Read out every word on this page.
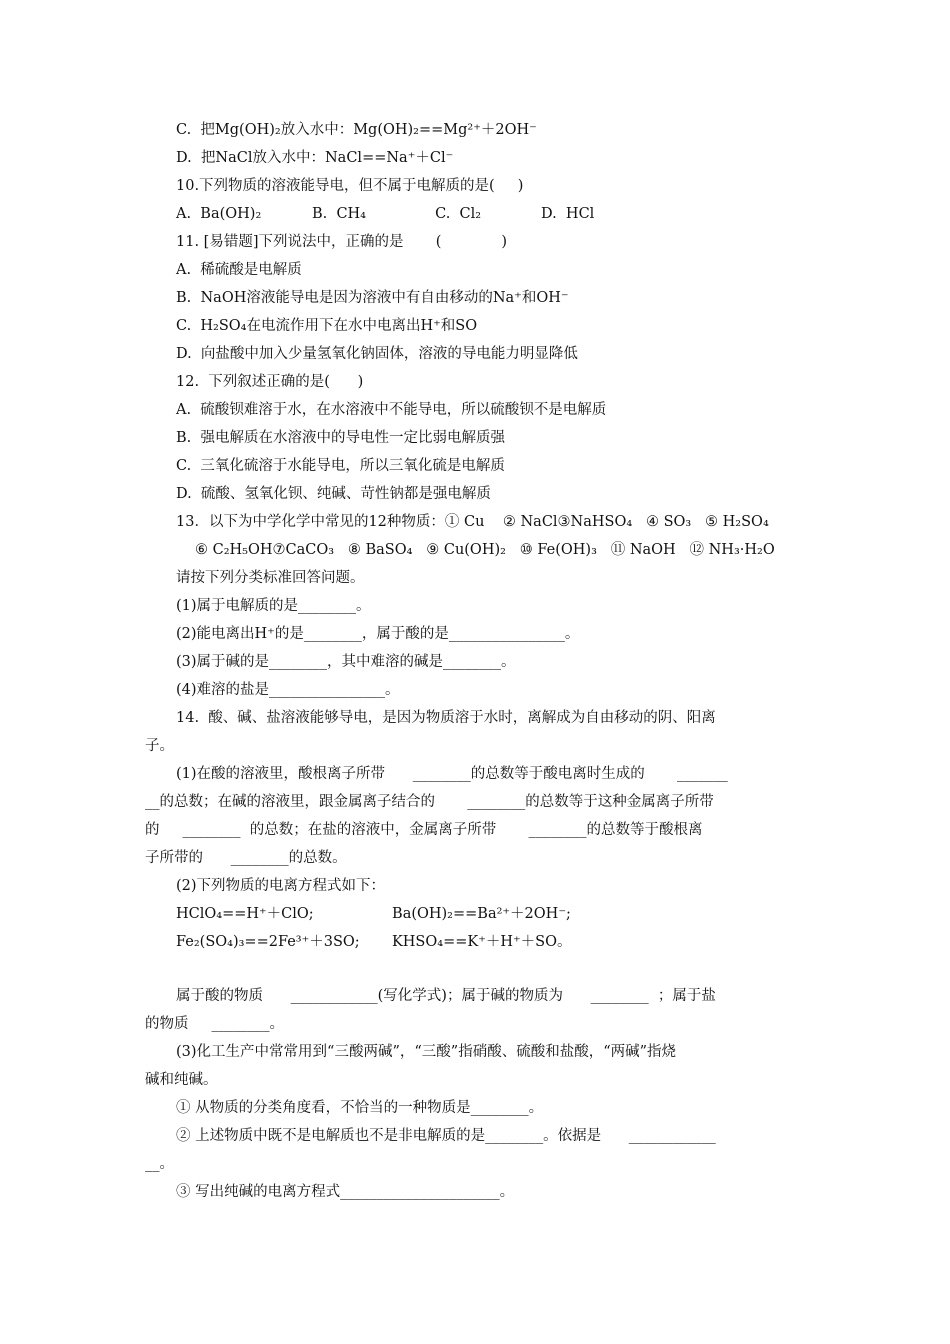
C.  把Mg(OH)₂放入水中：Mg(OH)₂==Mg²⁺＋2OH⁻
D.  把NaCl放入水中：NaCl==Na⁺＋Cl⁻
10.下列物质的溶液能导电，但不属于电解质的是(     )
A.  Ba(OH)₂           B.  CH₄               C.  Cl₂             D.  HCl
11. [易错题]下列说法中，正确的是       (             )
A.  稀硫酸是电解质
B.  NaOH溶液能导电是因为溶液中有自由移动的Na⁺和OH⁻
C.  H₂SO₄在电流作用下在水中电离出H⁺和SO
D.  向盐酸中加入少量氢氧化钠固体，溶液的导电能力明显降低
12.  下列叙述正确的是(      )
A.  硫酸钡难溶于水，在水溶液中不能导电，所以硫酸钡不是电解质
B.  强电解质在水溶液中的导电性一定比弱电解质强
C.  三氧化硫溶于水能导电，所以三氧化硫是电解质
D.  硫酸、氢氧化钡、纯碱、苛性钠都是强电解质
13．以下为中学化学中常见的12种物质：① Cu    ② NaCl③NaHSO₄   ④ SO₃   ⑤ H₂SO₄
⑥ C₂H₅OH⑦CaCO₃   ⑧ BaSO₄   ⑨ Cu(OH)₂   ⑩ Fe(OH)₃   ⑪ NaOH   ⑫ NH₃·H₂O
请按下列分类标准回答问题。
(1)属于电解质的是________。
(2)能电离出H⁺的是________，属于酸的是________________。
(3)属于碱的是________，其中难溶的碱是________。
(4)难溶的盐是________________。
14.  酸、碱、盐溶液能够导电，是因为物质溶于水时，离解成为自由移动的阴、阳离
子。
(1)在酸的溶液里，酸根离子所带      ________的总数等于酸电离时生成的       _______
__的总数；在碱的溶液里，跟金属离子结合的       ________的总数等于这种金属离子所带
的     ________  的总数；在盐的溶液中，金属离子所带       ________的总数等于酸根离
子所带的      ________的总数。
(2)下列物质的电离方程式如下：
HClO₄==H⁺＋ClO;                 Ba(OH)₂==Ba²⁺＋2OH⁻;
Fe₂(SO₄)₃==2Fe³⁺＋3SO;       KHSO₄==K⁺＋H⁺＋SO。
属于酸的物质      ____________(写化学式)；属于碱的物质为      ________  ；属于盐
的物质     ________。
(3)化工生产中常常用到“三酸两碱”，“三酸”指硝酸、硫酸和盐酸，“两碱”指烧
碱和纯碱。
① 从物质的分类角度看，不恰当的一种物质是________。
② 上述物质中既不是电解质也不是非电解质的是________。依据是      ____________
__。
③ 写出纯碱的电离方程式______________________。
